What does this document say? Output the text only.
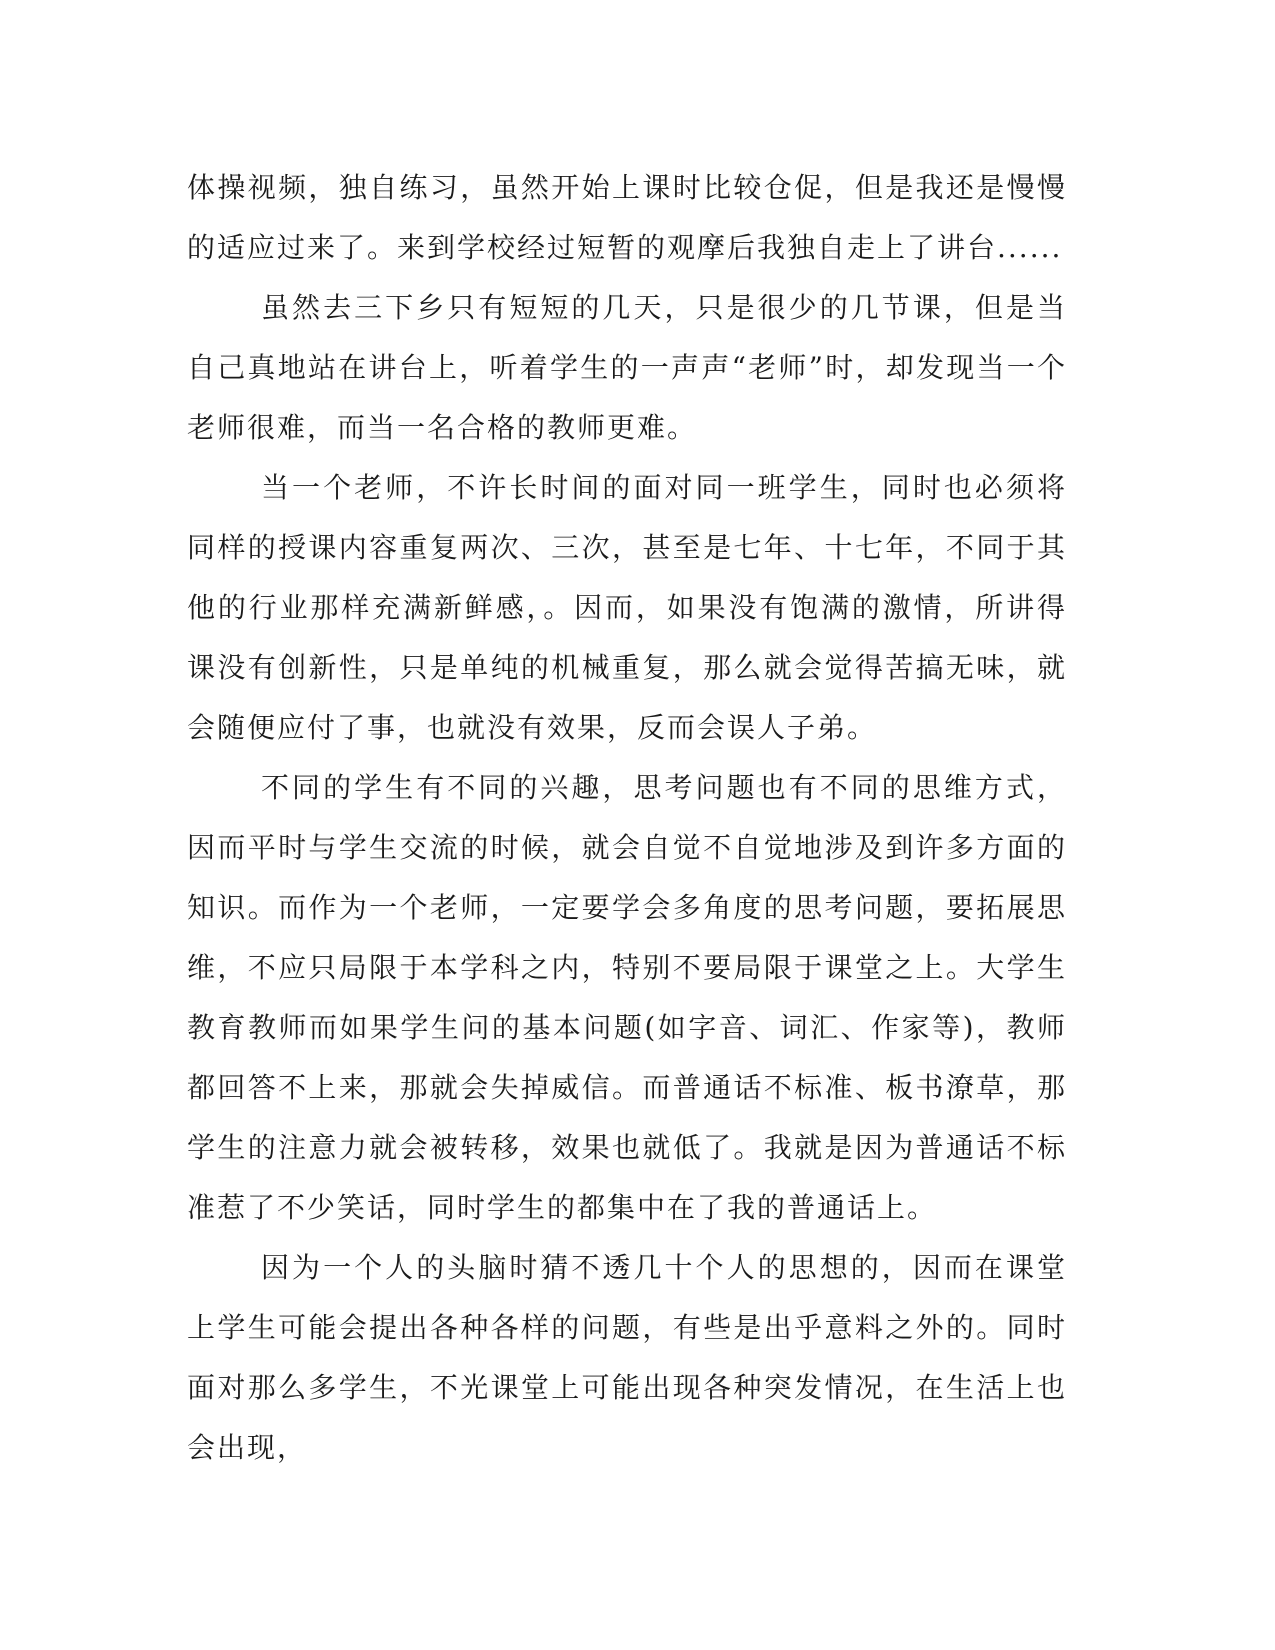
体操视频，独自练习，虽然开始上课时比较仓促，但是我还是慢慢的适应过来了。来到学校经过短暂的观摩后我独自走上了讲台......

虽然去三下乡只有短短的几天，只是很少的几节课，但是当自己真地站在讲台上，听着学生的一声声“老师”时，却发现当一个老师很难，而当一名合格的教师更难。

当一个老师，不许长时间的面对同一班学生，同时也必须将同样的授课内容重复两次、三次，甚至是七年、十七年，不同于其他的行业那样充满新鲜感，。因而，如果没有饱满的激情，所讲得课没有创新性，只是单纯的机械重复，那么就会觉得苦搞无味，就会随便应付了事，也就没有效果，反而会误人子弟。

不同的学生有不同的兴趣，思考问题也有不同的思维方式，因而平时与学生交流的时候，就会自觉不自觉地涉及到许多方面的知识。而作为一个老师，一定要学会多角度的思考问题，要拓展思维，不应只局限于本学科之内，特别不要局限于课堂之上。大学生教育教师而如果学生问的基本问题(如字音、词汇、作家等)，教师都回答不上来，那就会失掉威信。而普通话不标准、板书潦草，那学生的注意力就会被转移，效果也就低了。我就是因为普通话不标准惹了不少笑话，同时学生的都集中在了我的普通话上。

因为一个人的头脑时猜不透几十个人的思想的，因而在课堂上学生可能会提出各种各样的问题，有些是出乎意料之外的。同时面对那么多学生，不光课堂上可能出现各种突发情况，在生活上也会出现，
